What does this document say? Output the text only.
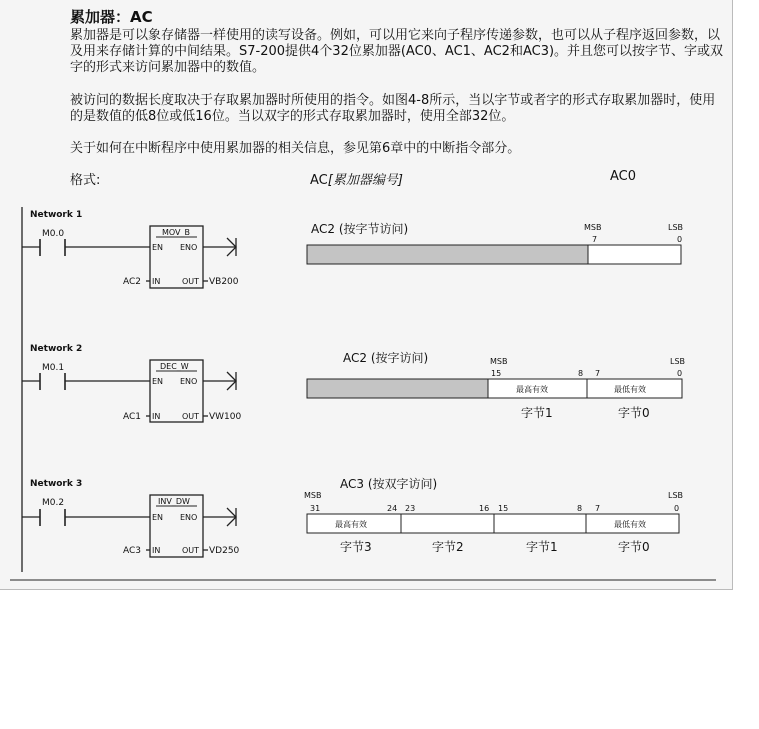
累加器：AC
累加器是可以象存储器一样使用的读写设备。例如，可以用它来向子程序传递参数，也可以从子程序返回参数，以及用来存储计算的中间结果。S7-200提供4个32位累加器(AC0、AC1、AC2和AC3)。并且您可以按字节、字或双字的形式来访问累加器中的数值。
被访问的数据长度取决于存取累加器时所使用的指令。如图4-8所示，当以字节或者字的形式存取累加器时，使用的是数值的低8位或低16位。当以双字的形式存取累加器时，使用全部32位。
关于如何在中断程序中使用累加器的相关信息，参见第6章中的中断指令部分。
格式:	AC[累加器编号]	AC0
Network 1
M0.0	MOV_B
EN ENO
IN	OUT
AC2	VB200
Network 2
M0.1	DEC_W
EN ENO
IN	OUT
AC1	VW100
Network 3
M0.2	INV_DW
EN ENO
IN	OUT
AC3	VD250
AC2 (按字节访问)	MSB	LSB
7	0
AC2 (按字访问)	MSB	LSB
15	8 7	0
最高有效	最低有效
字节1	字节0
AC3 (按双字访问)
MSB	LSB
31	24 23	16 15	8 7	0
最高有效	最低有效
字节3	字节2	字节1	字节0
